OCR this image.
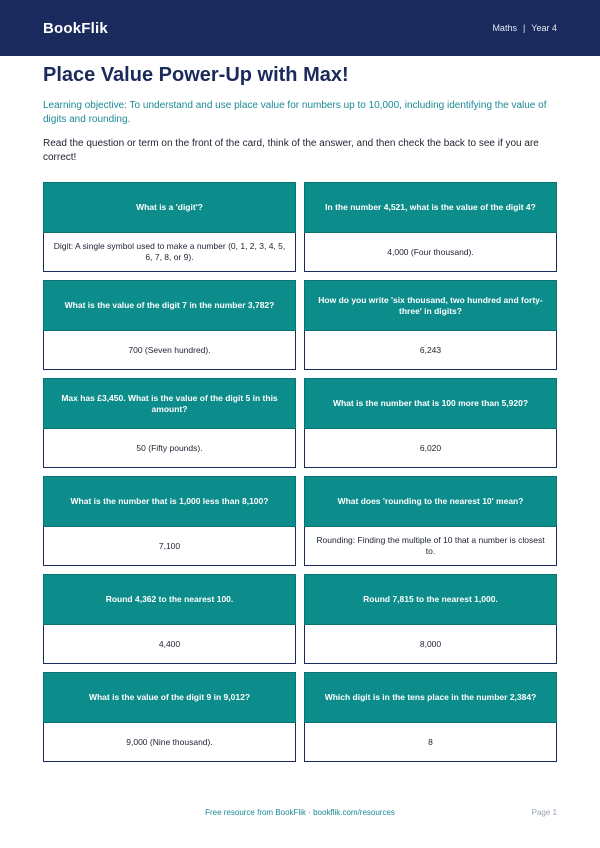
BookFlik	Maths | Year 4
Place Value Power-Up with Max!

Learning objective: To understand and use place value for numbers up to 10,000, including identifying the value of digits and rounding.

Read the question or term on the front of the card, think of the answer, and then check the back to see if you are correct!

What is a 'digit'?
Digit: A single symbol used to make a number (0, 1, 2, 3, 4, 5, 6, 7, 8, or 9).
In the number 4,521, what is the value of the digit 4?
4,000 (Four thousand).
What is the value of the digit 7 in the number 3,782?
700 (Seven hundred).
How do you write 'six thousand, two hundred and forty-three' in digits?
6,243
Max has £3,450. What is the value of the digit 5 in this amount?
50 (Fifty pounds).
What is the number that is 100 more than 5,920?
6,020
What is the number that is 1,000 less than 8,100?
7,100
What does 'rounding to the nearest 10' mean?
Rounding: Finding the multiple of 10 that a number is closest to.
Round 4,362 to the nearest 100.
4,400
Round 7,815 to the nearest 1,000.
8,000
What is the value of the digit 9 in 9,012?
9,000 (Nine thousand).
Which digit is in the tens place in the number 2,384?
8
Free resource from BookFlik · bookflik.com/resources	Page 1
